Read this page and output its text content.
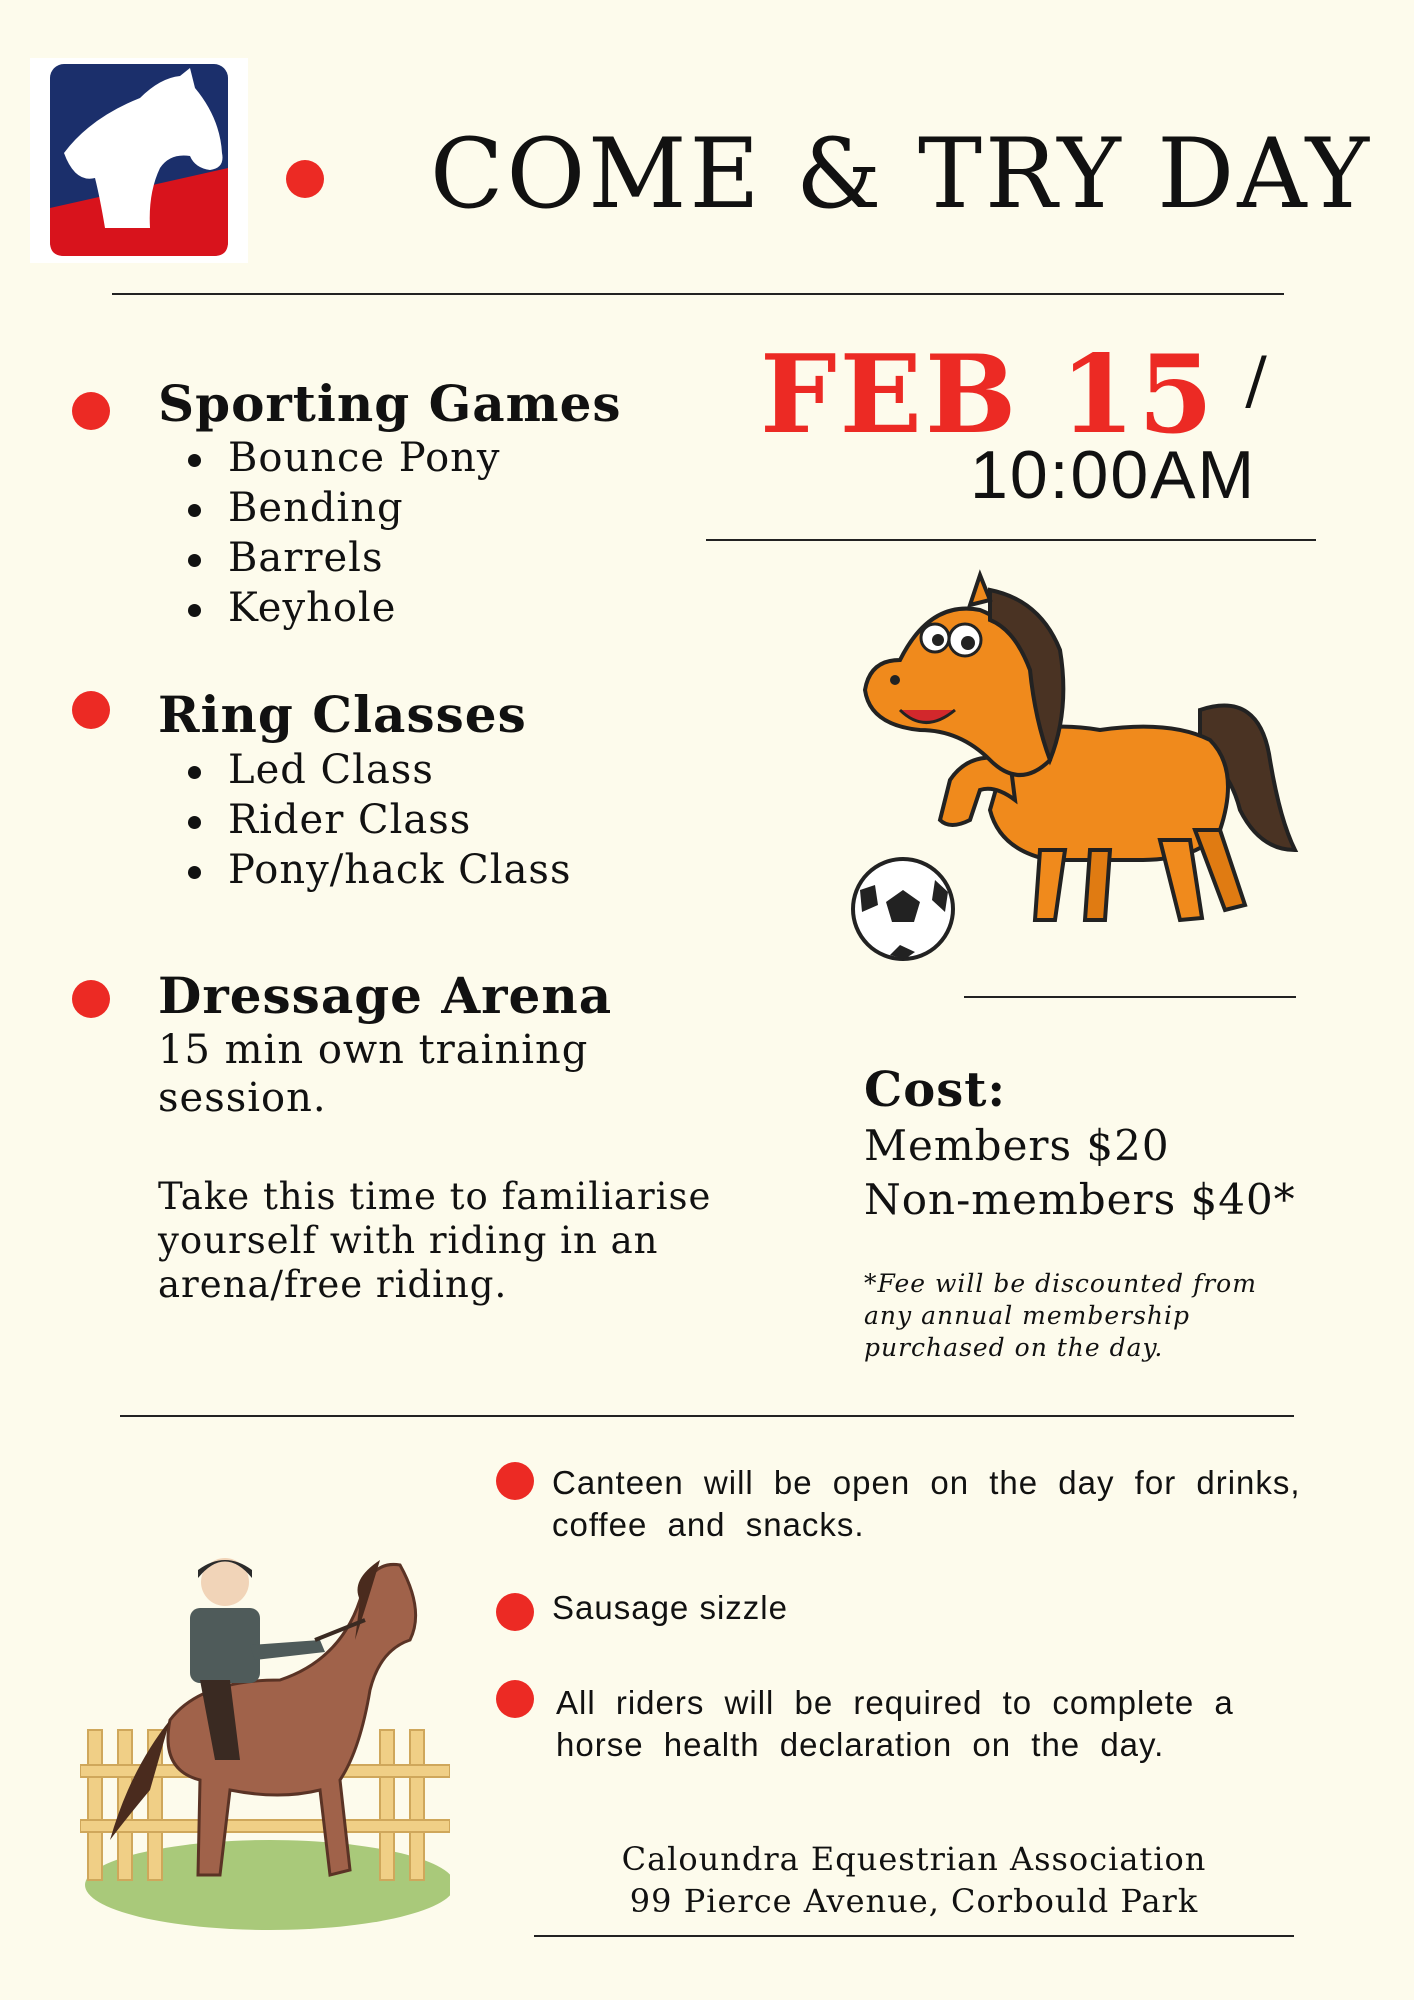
COME & TRY DAY
FEB 15 /
10:00AM
Sporting Games
Bounce Pony
Bending
Barrels
Keyhole
Ring Classes
Led Class
Rider Class
Pony/hack Class
Dressage Arena
15 min own training session.
Take this time to familiarise yourself with riding in an arena/free riding.
Cost:
Members $20
Non-members $40*
*Fee will be discounted from any annual membership purchased on the day.
Canteen will be open on the day for drinks, coffee and snacks.
Sausage sizzle
All riders will be required to complete a horse health declaration on the day.
Caloundra Equestrian Association
99 Pierce Avenue, Corbould Park
